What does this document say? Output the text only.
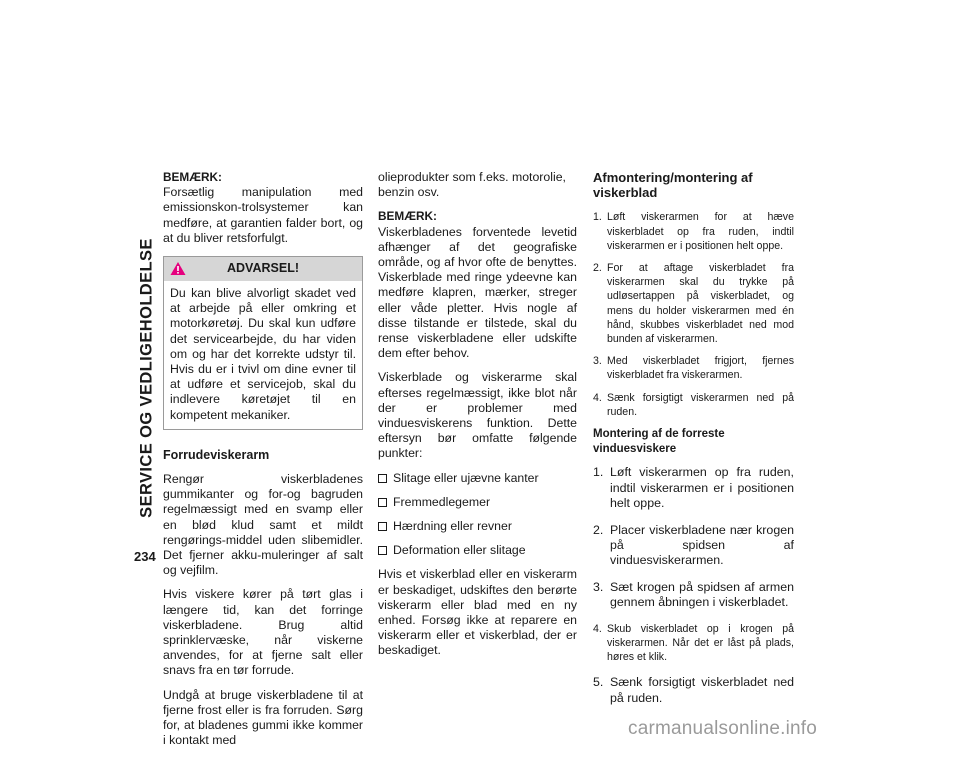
SERVICE OG VEDLIGEHOLDELSE
234

BEMÆRK:
Forsætlig manipulation med emissionskon-trolsystemer kan medføre, at garantien falder bort, og at du bliver retsforfulgt.

ADVARSEL!
Du kan blive alvorligt skadet ved at arbejde på eller omkring et motorkøretøj. Du skal kun udføre det servicearbejde, du har viden om og har det korrekte udstyr til. Hvis du er i tvivl om dine evner til at udføre et servicejob, skal du indlevere køretøjet til en kompetent mekaniker.
Forrudeviskerarm

Rengør viskerbladenes gummikanter og for-og bagruden regelmæssigt med en svamp eller en blød klud samt et mildt rengørings-middel uden slibemidler. Det fjerner akku-muleringer af salt og vejfilm.

Hvis viskere kører på tørt glas i længere tid, kan det forringe viskerbladene. Brug altid sprinklervæske, når viskerne anvendes, for at fjerne salt eller snavs fra en tør forrude.

Undgå at bruge viskerbladene til at fjerne frost eller is fra forruden. Sørg for, at bladenes gummi ikke kommer i kontakt med

olieprodukter som f.eks. motorolie, benzin osv.

BEMÆRK:
Viskerbladenes forventede levetid afhænger af det geografiske område, og af hvor ofte de benyttes. Viskerblade med ringe ydeevne kan medføre klapren, mærker, streger eller våde pletter. Hvis nogle af disse tilstande er tilstede, skal du rense viskerbladene eller udskifte dem efter behov.

Viskerblade og viskerarme skal efterses regelmæssigt, ikke blot når der er problemer med vinduesviskerens funktion. Dette eftersyn bør omfatte følgende punkter:

Slitage eller ujævne kanter
Fremmedlegemer
Hærdning eller revner
Deformation eller slitage

Hvis et viskerblad eller en viskerarm er beskadiget, udskiftes den berørte viskerarm eller blad med en ny enhed. Forsøg ikke at reparere en viskerarm eller et viskerblad, der er beskadiget.

Afmontering/montering af viskerblad
1. Løft viskerarmen for at hæve viskerbladet op fra ruden, indtil viskerarmen er i positionen helt oppe.
2. For at aftage viskerbladet fra viskerarmen skal du trykke på udløsertappen på viskerbladet, og mens du holder viskerarmen med én hånd, skubbes viskerbladet ned mod bunden af viskerarmen.
3. Med viskerbladet frigjort, fjernes viskerbladet fra viskerarmen.
4. Sænk forsigtigt viskerarmen ned på ruden.
Montering af de forreste vinduesviskere
1. Løft viskerarmen op fra ruden, indtil viskerarmen er i positionen helt oppe.
2. Placer viskerbladene nær krogen på spidsen af vinduesviskerarmen.
3. Sæt krogen på spidsen af armen gennem åbningen i viskerbladet.
4. Skub viskerbladet op i krogen på viskerarmen. Når det er låst på plads, høres et klik.
5. Sænk forsigtigt viskerbladet ned på ruden.
carmanualsonline.info
